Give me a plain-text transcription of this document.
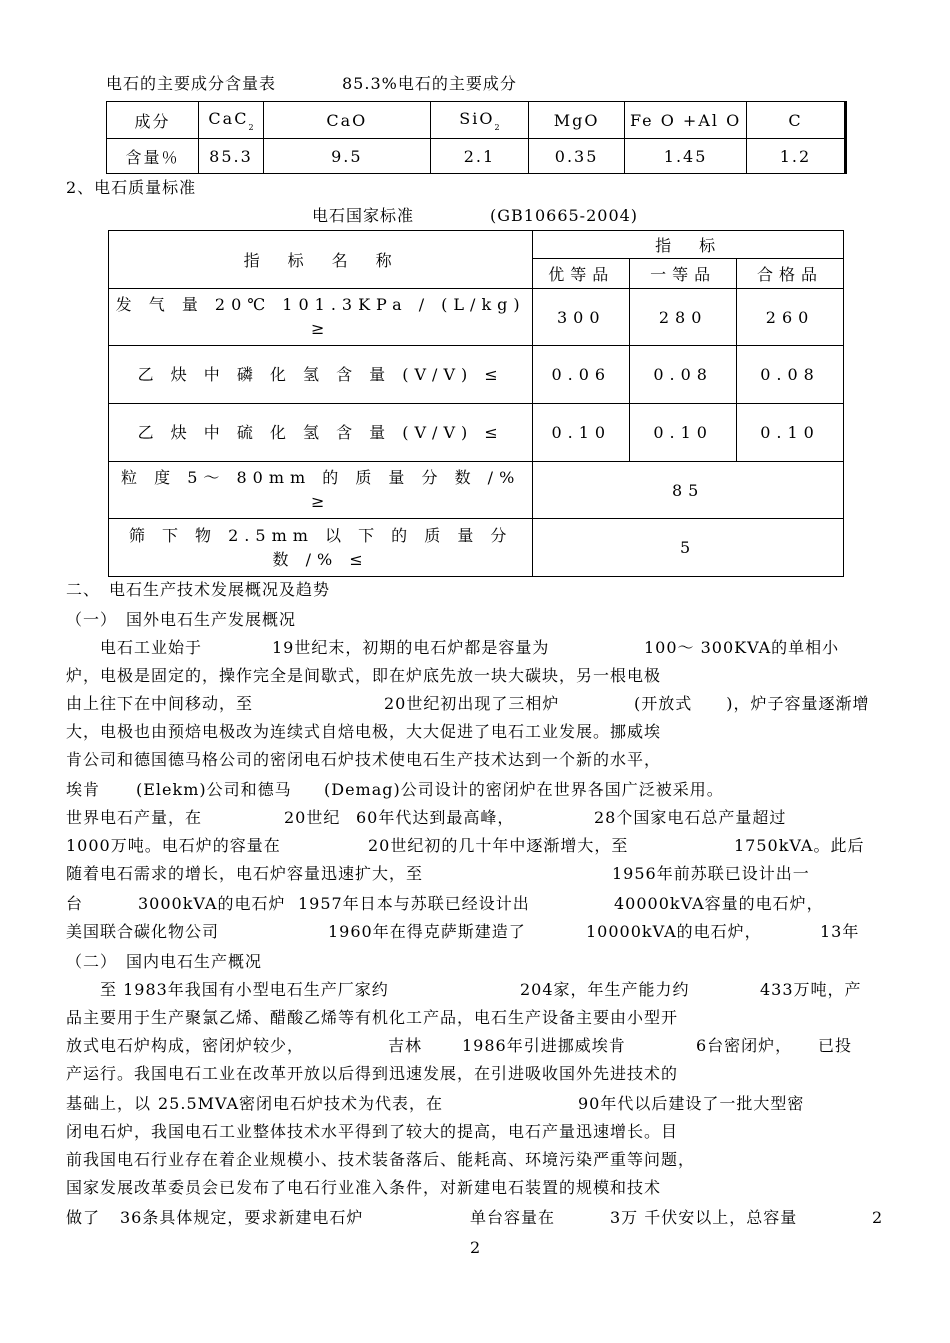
电石的主要成分含量表	85.3%电石的主要成分
成分	CaC$_2$	CaO	SiO$_2$	MgO	Fe O +Al O	C
含量％	85.3	9.5	2.1	0.35	1.45	1.2
2、电石质量标准
电石国家标准	(GB10665-2004)
指　标　名　称	指　标		
	优等品	一等品	合格品
发 气 量 20℃ 101.3KPa / (L/kg) ≥	300	280	260
乙 炔 中 磷 化 氢 含 量 (V/V) ≤	0.06	0.08	0.08
乙 炔 中 硫 化 氢 含 量 (V/V) ≤	0.10	0.10	0.10
粒 度 5～ 80mm 的 质 量 分 数 /% ≥	85		
筛 下 物 2.5mm 以 下 的 质 量 分 数 /% ≤	5		
二、　电石生产技术发展概况及趋势
（一）　国外电石生产发展概况
　　电石工业始于	19世纪末，初期的电石炉都是容量为	100～ 300KVA的单相小
炉，电极是固定的，操作完全是间歇式，即在炉底先放一块大碳块，另一根电极
由上往下在中间移动，至	20世纪初出现了三相炉	(开放式　　)，炉子容量逐渐增
大，电极也由预焙电极改为连续式自焙电极，大大促进了电石工业发展。挪威埃
肯公司和德国德马格公司的密闭电石炉技术使电石生产技术达到一个新的水平，
埃肯　 (Elekm)公司和德马 (Demag)公司设计的密闭炉在世界各国广泛被采用。
世界电石产量，在　	20世纪 60年代达到最高峰，	28个国家电石总产量超过
1000万吨。电石炉的容量在	20世纪初的几十年中逐渐增大，至	1750kVA。此后
随着电石需求的增长，电石炉容量迅速扩大，至　	1956年前苏联已设计出一
台　　 3000kVA的电石炉 1957年日本与苏联已经设计出	40000kVA容量的电石炉，
美国联合碳化物公司　　	1960年在得克萨斯建造了	10000kVA的电石炉，	13年
（二）　国内电石生产概况
　　至 1983年我国有小型电石生产厂家约	204家，年生产能力约	433万吨，产
品主要用于生产聚氯乙烯、醋酸乙烯等有机化工产品，电石生产设备主要由小型开
放式电石炉构成，密闭炉较少，	吉林　 1986年引进挪威埃肯	6台密闭炉， 已投
产运行。我国电石工业在改革开放以后得到迅速发展，在引进吸收国外先进技术的
基础上，以 25.5MVA密闭电石炉技术为代表，在	90年代以后建设了一批大型密
闭电石炉，我国电石工业整体技术水平得到了较大的提高，电石产量迅速增长。目
前我国电石行业存在着企业规模小、技术装备落后、能耗高、环境污染严重等问题，
国家发展改革委员会已发布了电石行业准入条件，对新建电石装置的规模和技术
做了 36条具体规定，要求新建电石炉	单台容量在	3万 千伏安以上，总容量	2
2
